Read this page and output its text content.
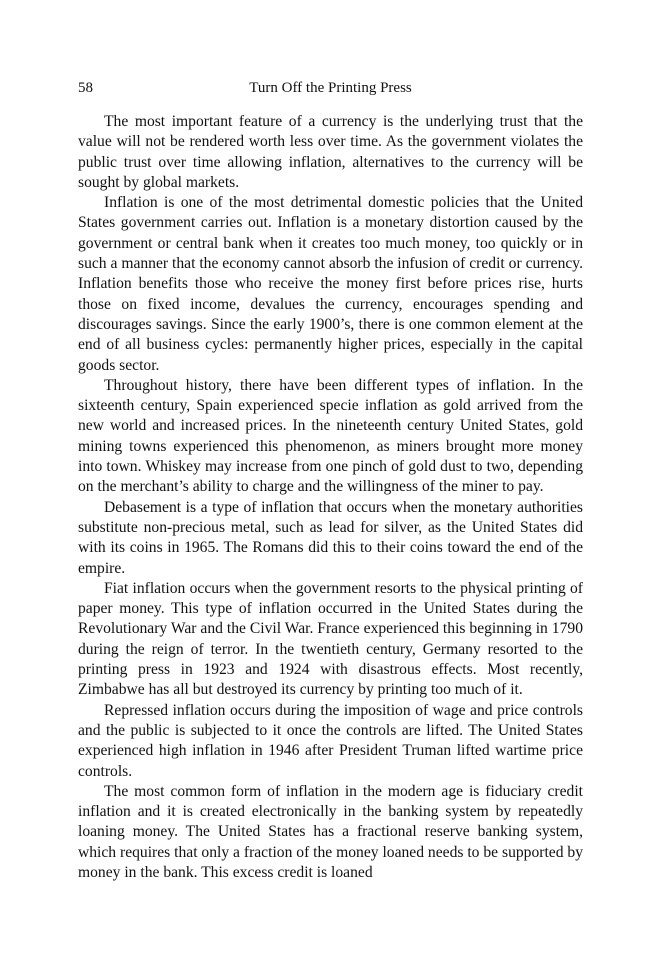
58	Turn Off the Printing Press

The most important feature of a currency is the underlying trust that the value will not be rendered worth less over time. As the government violates the public trust over time allowing inflation, alternatives to the currency will be sought by global markets.

Inflation is one of the most detrimental domestic policies that the United States government carries out. Inflation is a monetary distortion caused by the government or central bank when it creates too much money, too quickly or in such a manner that the economy cannot absorb the infusion of credit or currency. Inflation benefits those who receive the money first before prices rise, hurts those on fixed income, devalues the currency, encourages spending and discourages savings. Since the early 1900’s, there is one common element at the end of all business cycles: permanently higher prices, especially in the capital goods sector.

Throughout history, there have been different types of inflation. In the sixteenth century, Spain experienced specie inflation as gold arrived from the new world and increased prices. In the nineteenth century United States, gold mining towns experienced this phenomenon, as miners brought more money into town. Whiskey may increase from one pinch of gold dust to two, depending on the merchant’s ability to charge and the willingness of the miner to pay.

Debasement is a type of inflation that occurs when the monetary authorities substitute non-precious metal, such as lead for silver, as the United States did with its coins in 1965. The Romans did this to their coins toward the end of the empire.

Fiat inflation occurs when the government resorts to the physical printing of paper money. This type of inflation occurred in the United States during the Revolutionary War and the Civil War. France experienced this beginning in 1790 during the reign of terror. In the twentieth century, Germany resorted to the printing press in 1923 and 1924 with disastrous effects. Most recently, Zimbabwe has all but destroyed its currency by printing too much of it.

Repressed inflation occurs during the imposition of wage and price controls and the public is subjected to it once the controls are lifted. The United States experienced high inflation in 1946 after President Truman lifted wartime price controls.

The most common form of inflation in the modern age is fiduciary credit inflation and it is created electronically in the banking system by repeatedly loaning money. The United States has a fractional reserve banking system, which requires that only a fraction of the money loaned needs to be supported by money in the bank. This excess credit is loaned
